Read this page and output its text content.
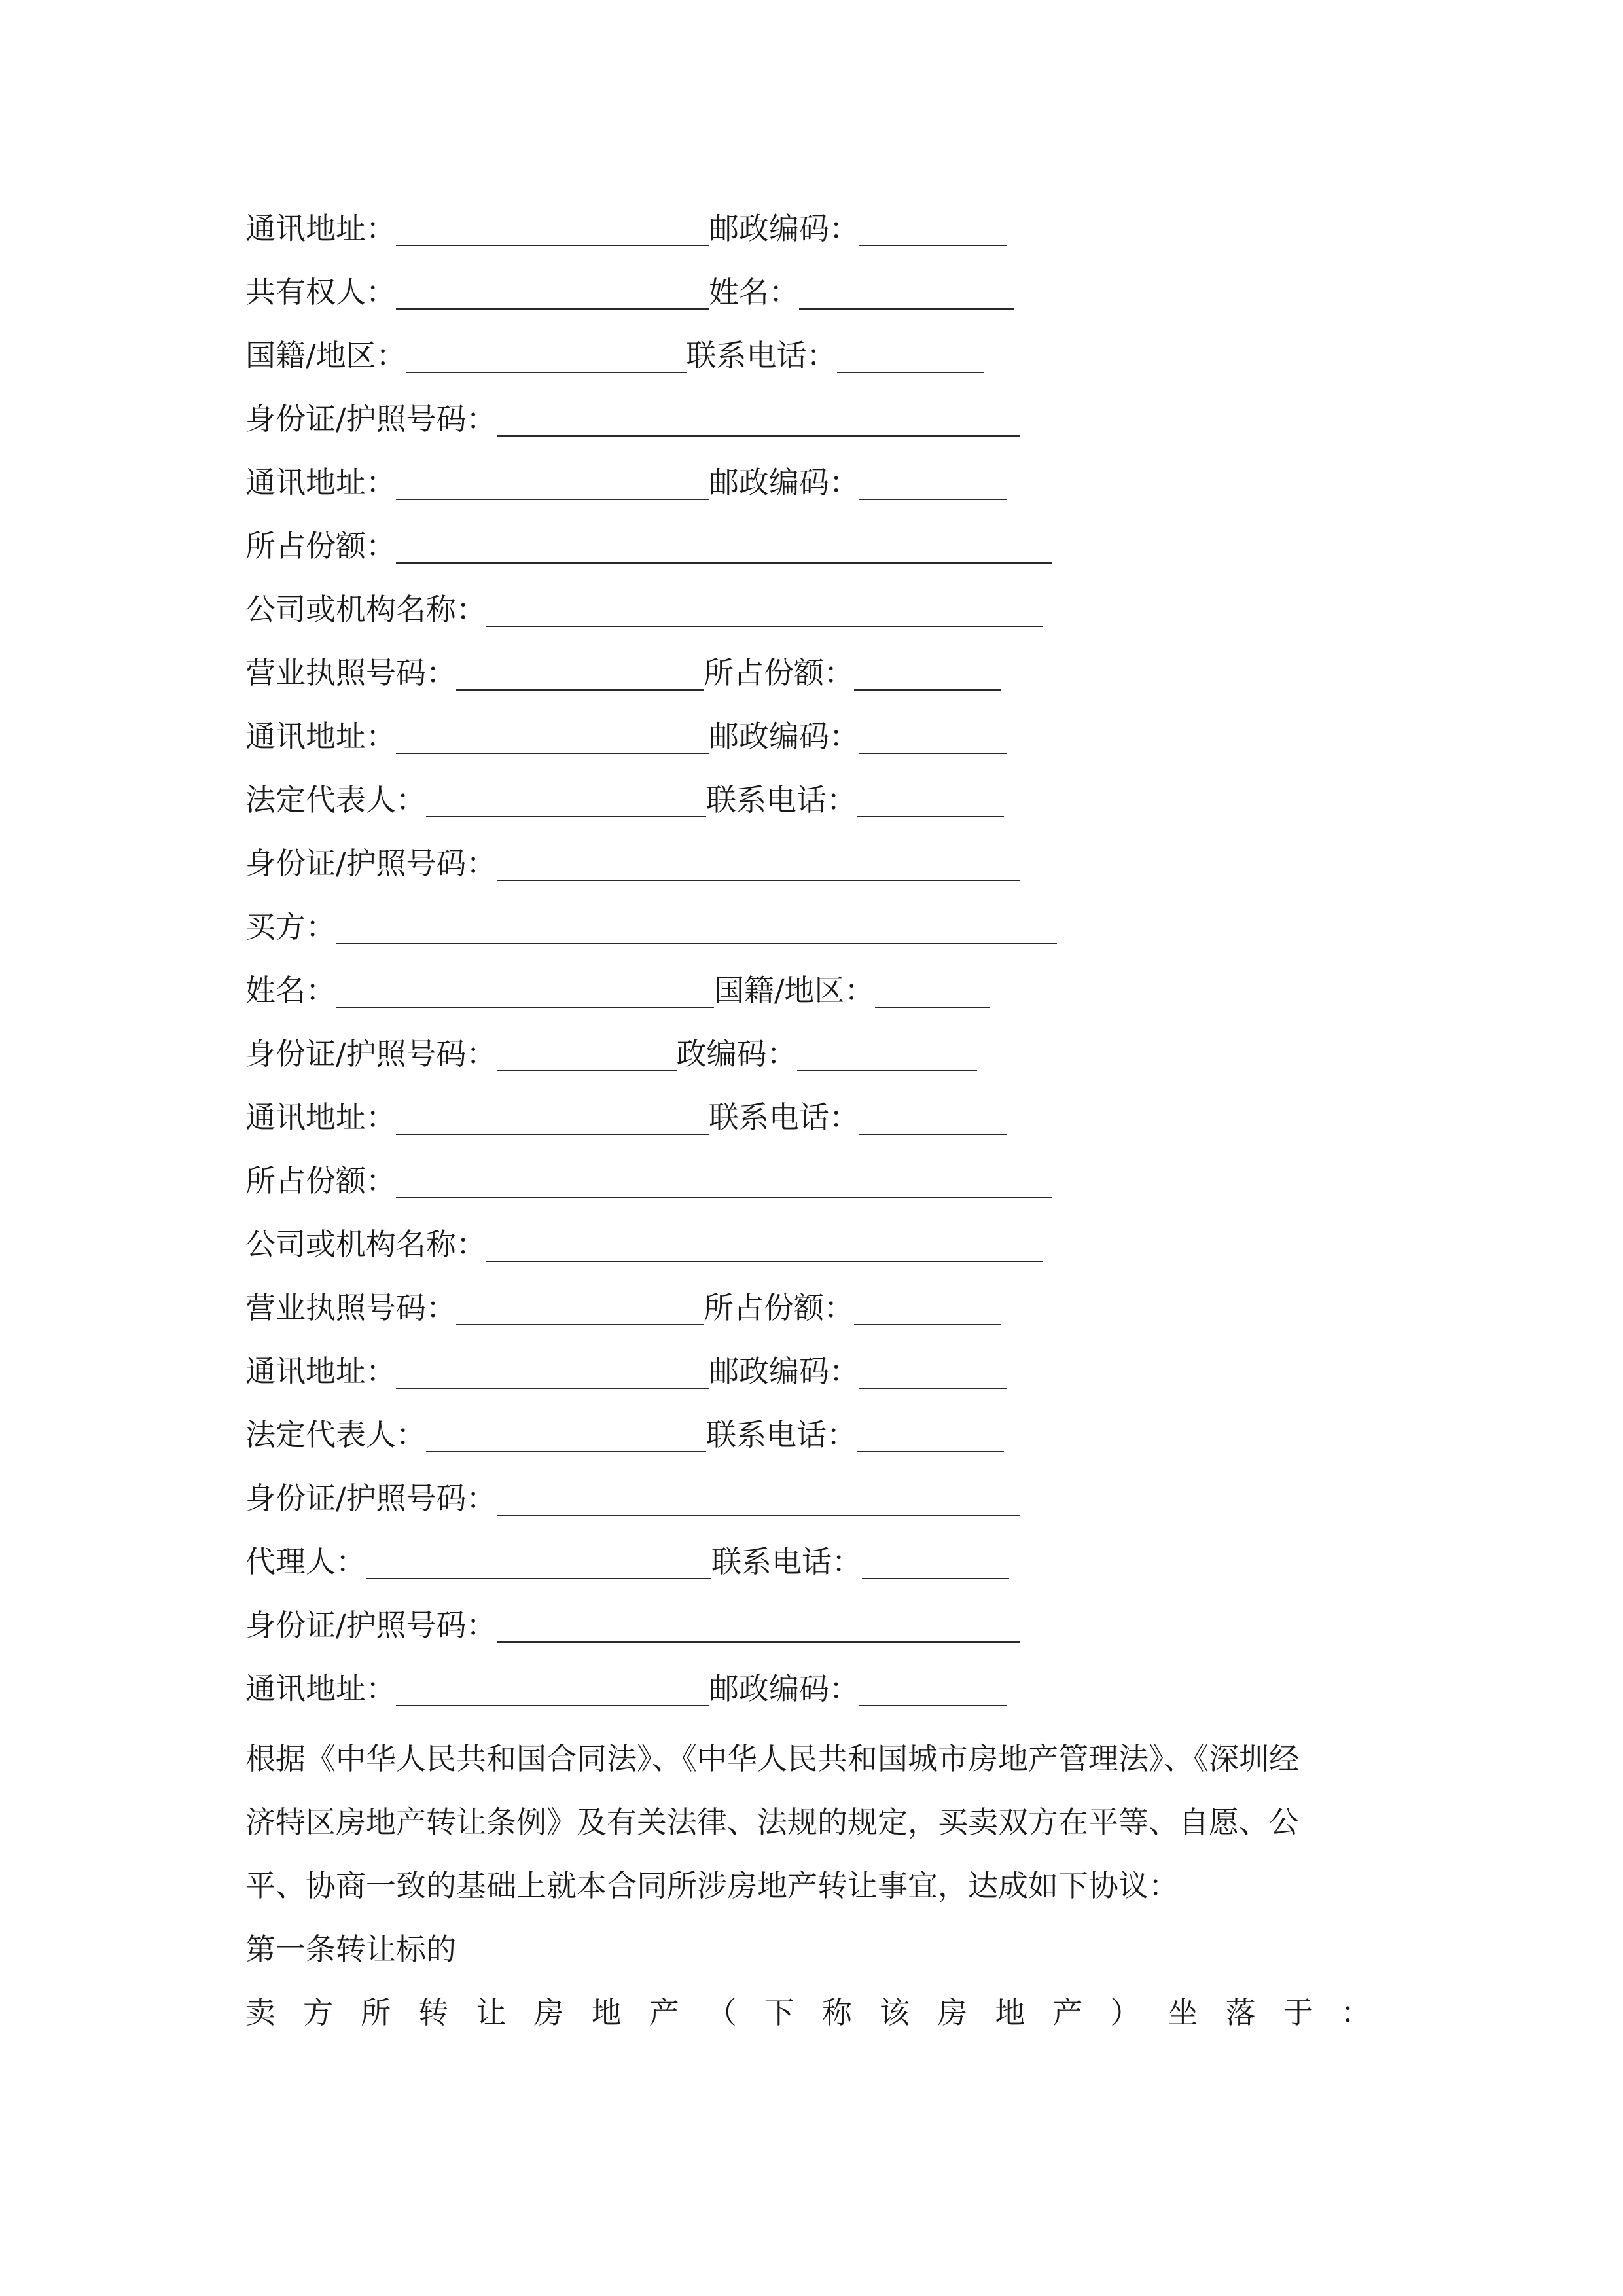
通讯地址：	邮政编码：
共有权人：	姓名：
国籍/地区：	联系电话：
身份证/护照号码：
通讯地址：	邮政编码：
所占份额：
公司或机构名称：
营业执照号码：	所占份额：
通讯地址：	邮政编码：
法定代表人：	联系电话：
身份证/护照号码：
买方：
姓名：	国籍/地区：
身份证/护照号码：	政编码：
通讯地址：	联系电话：
所占份额：
公司或机构名称：
营业执照号码：	所占份额：
通讯地址：	邮政编码：
法定代表人：	联系电话：
身份证/护照号码：
代理人：	联系电话：
身份证/护照号码：
通讯地址：	邮政编码：
根据《中华人民共和国合同法》、《中华人民共和国城市房地产管理法》、《深圳经
济特区房地产转让条例》及有关法律、法规的规定，买卖双方在平等、自愿、公
平、协商一致的基础上就本合同所涉房地产转让事宜，达成如下协议：
第一条转让标的
卖 方 所 转 让 房 地 产 （ 下 称 该 房 地 产 ） 坐 落 于 ：
